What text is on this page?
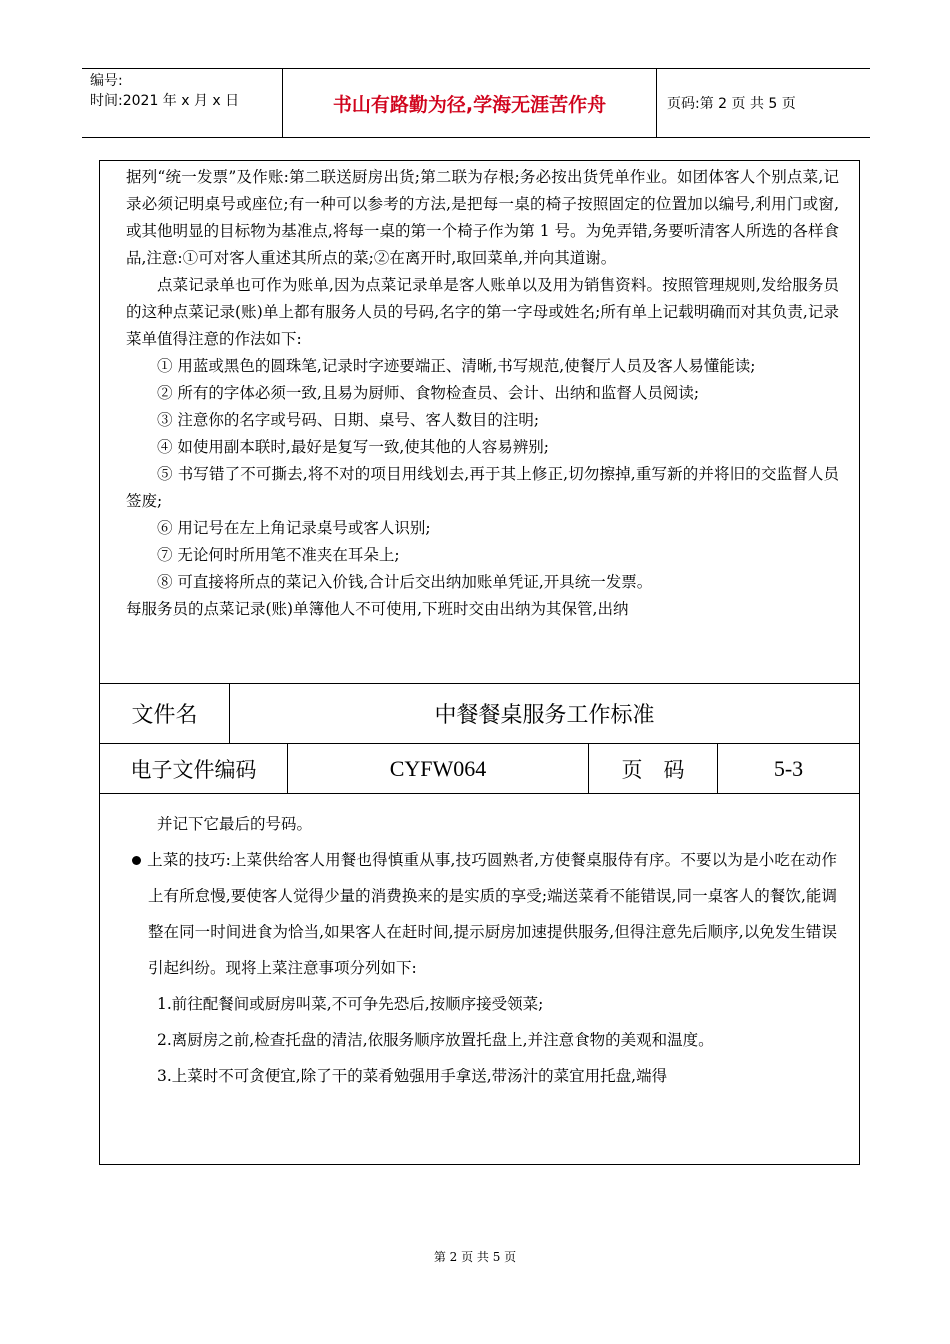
编号:
时间:2021 年 x 月 x 日	书山有路勤为径,学海无涯苦作舟	页码:第 2 页 共 5 页

据列“统一发票”及作账:第二联送厨房出货;第二联为存根;务必按出货凭单作业。如团体客人个别点菜,记录必须记明桌号或座位;有一种可以参考的方法,是把每一桌的椅子按照固定的位置加以编号,利用门或窗,或其他明显的目标物为基准点,将每一桌的第一个椅子作为第 1 号。为免弄错,务要听清客人所选的各样食品,注意:①可对客人重述其所点的菜;②在离开时,取回菜单,并向其道谢。

点菜记录单也可作为账单,因为点菜记录单是客人账单以及用为销售资料。按照管理规则,发给服务员的这种点菜记录(账)单上都有服务人员的号码,名字的第一字母或姓名;所有单上记载明确而对其负责,记录菜单值得注意的作法如下:

① 用蓝或黑色的圆珠笔,记录时字迹要端正、清晰,书写规范,使餐厅人员及客人易懂能读;

② 所有的字体必须一致,且易为厨师、食物检查员、会计、出纳和监督人员阅读;

③ 注意你的名字或号码、日期、桌号、客人数目的注明;

④ 如使用副本联时,最好是复写一致,使其他的人容易辨别;

⑤ 书写错了不可撕去,将不对的项目用线划去,再于其上修正,切勿擦掉,重写新的并将旧的交监督人员签废;

⑥ 用记号在左上角记录桌号或客人识别;

⑦ 无论何时所用笔不准夹在耳朵上;

⑧ 可直接将所点的菜记入价钱,合计后交出纳加账单凭证,开具统一发票。

每服务员的点菜记录(账)单簿他人不可使用,下班时交由出纳为其保管,出纳

文件名	中餐餐桌服务工作标准

电子文件编码	CYFW064	页　码	5-3

并记下它最后的号码。

上菜的技巧:上菜供给客人用餐也得慎重从事,技巧圆熟者,方使餐桌服侍有序。不要以为是小吃在动作上有所怠慢,要使客人觉得少量的消费换来的是实质的享受;端送菜肴不能错误,同一桌客人的餐饮,能调整在同一时间进食为恰当,如果客人在赶时间,提示厨房加速提供服务,但得注意先后顺序,以免发生错误引起纠纷。现将上菜注意事项分列如下:

1.前往配餐间或厨房叫菜,不可争先恐后,按顺序接受领菜;

2.离厨房之前,检查托盘的清洁,依服务顺序放置托盘上,并注意食物的美观和温度。

3.上菜时不可贪便宜,除了干的菜肴勉强用手拿送,带汤汁的菜宜用托盘,端得

第 2 页 共 5 页
